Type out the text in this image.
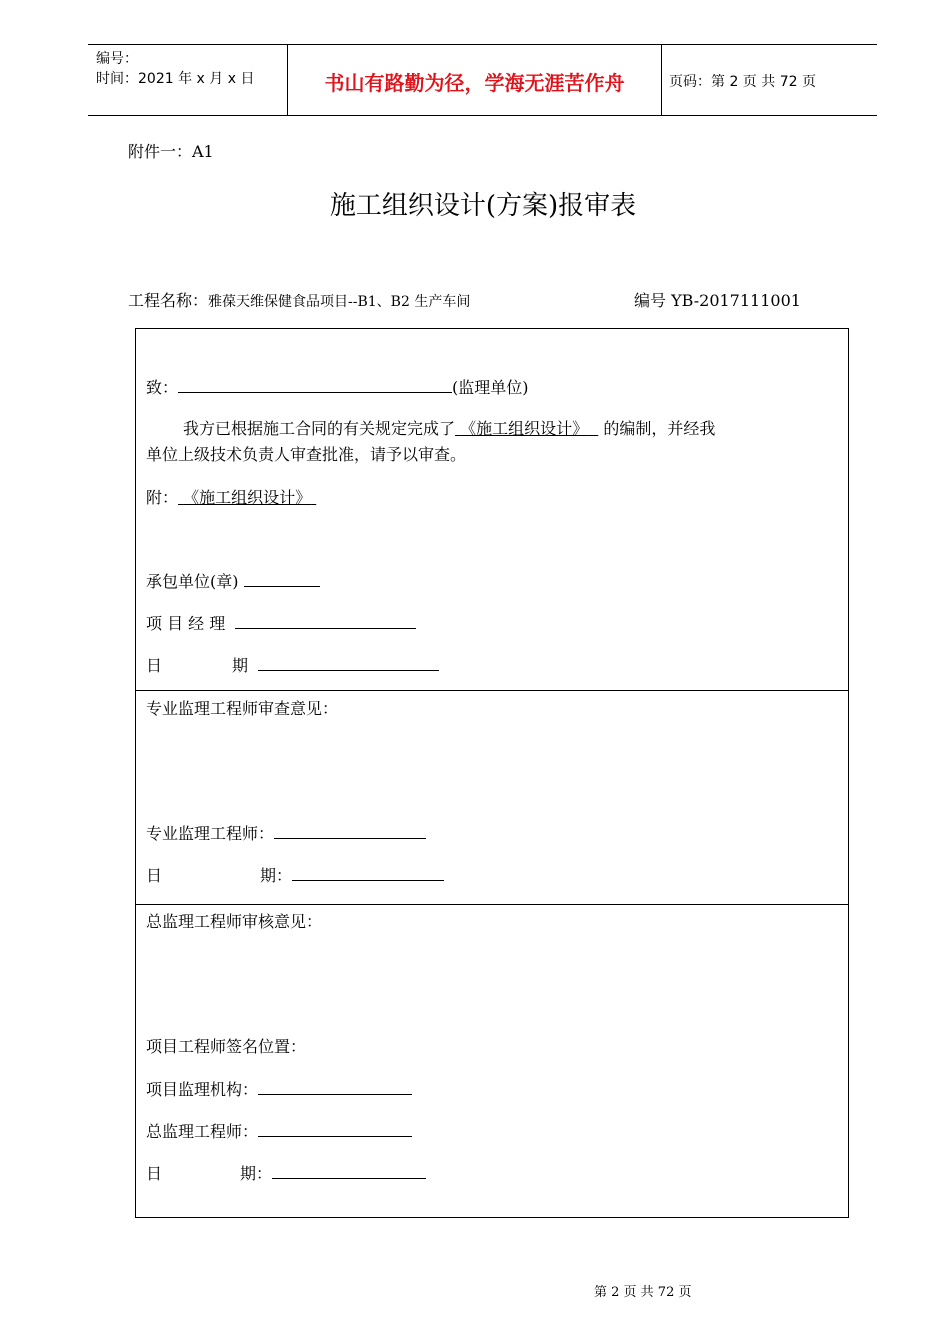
编号：
时间：2021 年 x 月 x 日	书山有路勤为径，学海无涯苦作舟	页码：第 2 页 共 72 页
附件一：A1
施工组织设计(方案)报审表
工程名称：雅葆天维保健食品项目--B1、B2 生产车间	编号 YB-2017111001
致：	(监理单位)
我方已根据施工合同的有关规定完成了 《施工组织设计》 的编制，并经我
单位上级技术负责人审查批准，请予以审查。
附： 《施工组织设计》
承包单位(章)
项 目 经 理
日	期
专业监理工程师审查意见：
专业监理工程师：
日	期：
总监理工程师审核意见：
项目工程师签名位置：
项目监理机构：
总监理工程师：
日	期：
第 2 页 共 72 页
